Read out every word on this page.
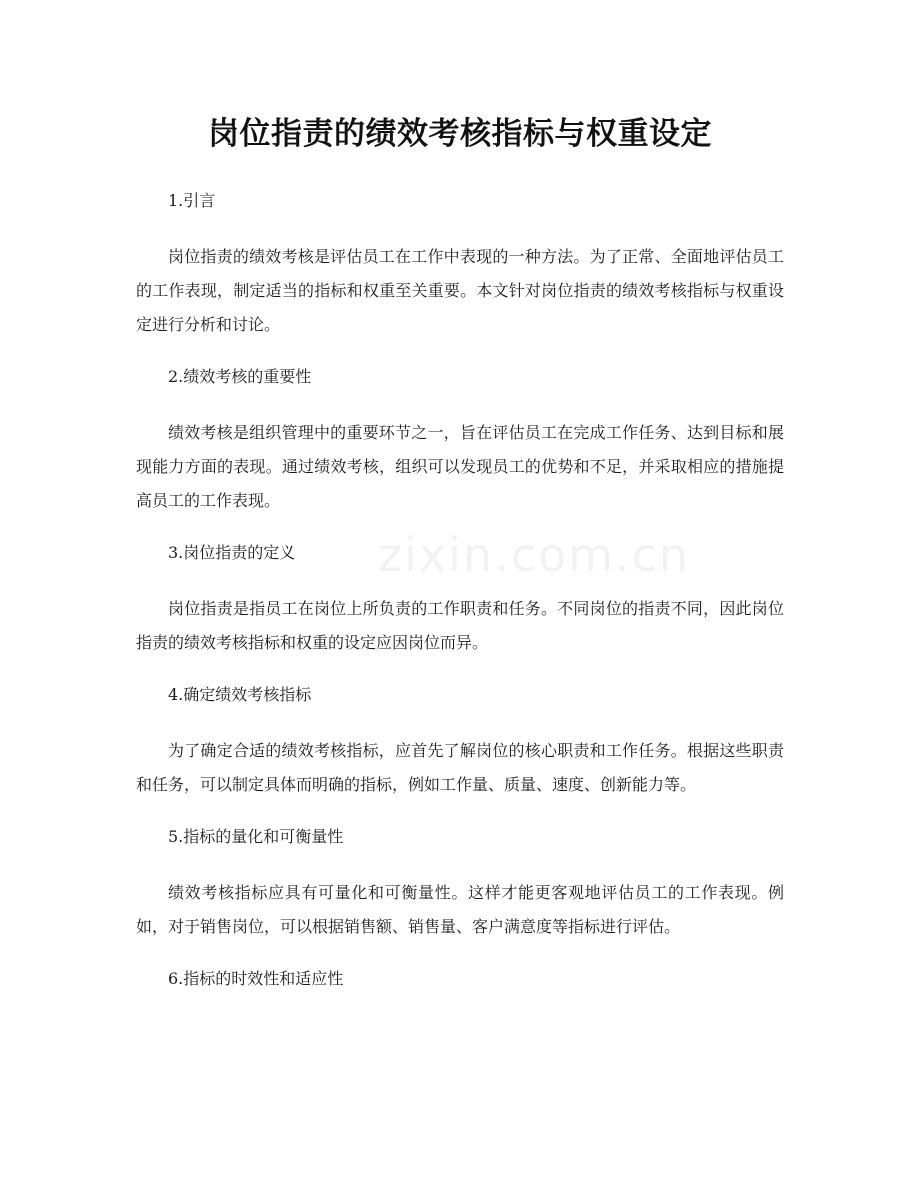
岗位指责的绩效考核指标与权重设定
zixin.com.cn

1.引言

岗位指责的绩效考核是评估员工在工作中表现的一种方法。为了正常、全面地评估员工的工作表现，制定适当的指标和权重至关重要。本文针对岗位指责的绩效考核指标与权重设定进行分析和讨论。

2.绩效考核的重要性

绩效考核是组织管理中的重要环节之一，旨在评估员工在完成工作任务、达到目标和展现能力方面的表现。通过绩效考核，组织可以发现员工的优势和不足，并采取相应的措施提高员工的工作表现。

3.岗位指责的定义

岗位指责是指员工在岗位上所负责的工作职责和任务。不同岗位的指责不同，因此岗位指责的绩效考核指标和权重的设定应因岗位而异。

4.确定绩效考核指标

为了确定合适的绩效考核指标，应首先了解岗位的核心职责和工作任务。根据这些职责和任务，可以制定具体而明确的指标，例如工作量、质量、速度、创新能力等。

5.指标的量化和可衡量性

绩效考核指标应具有可量化和可衡量性。这样才能更客观地评估员工的工作表现。例如，对于销售岗位，可以根据销售额、销售量、客户满意度等指标进行评估。

6.指标的时效性和适应性
